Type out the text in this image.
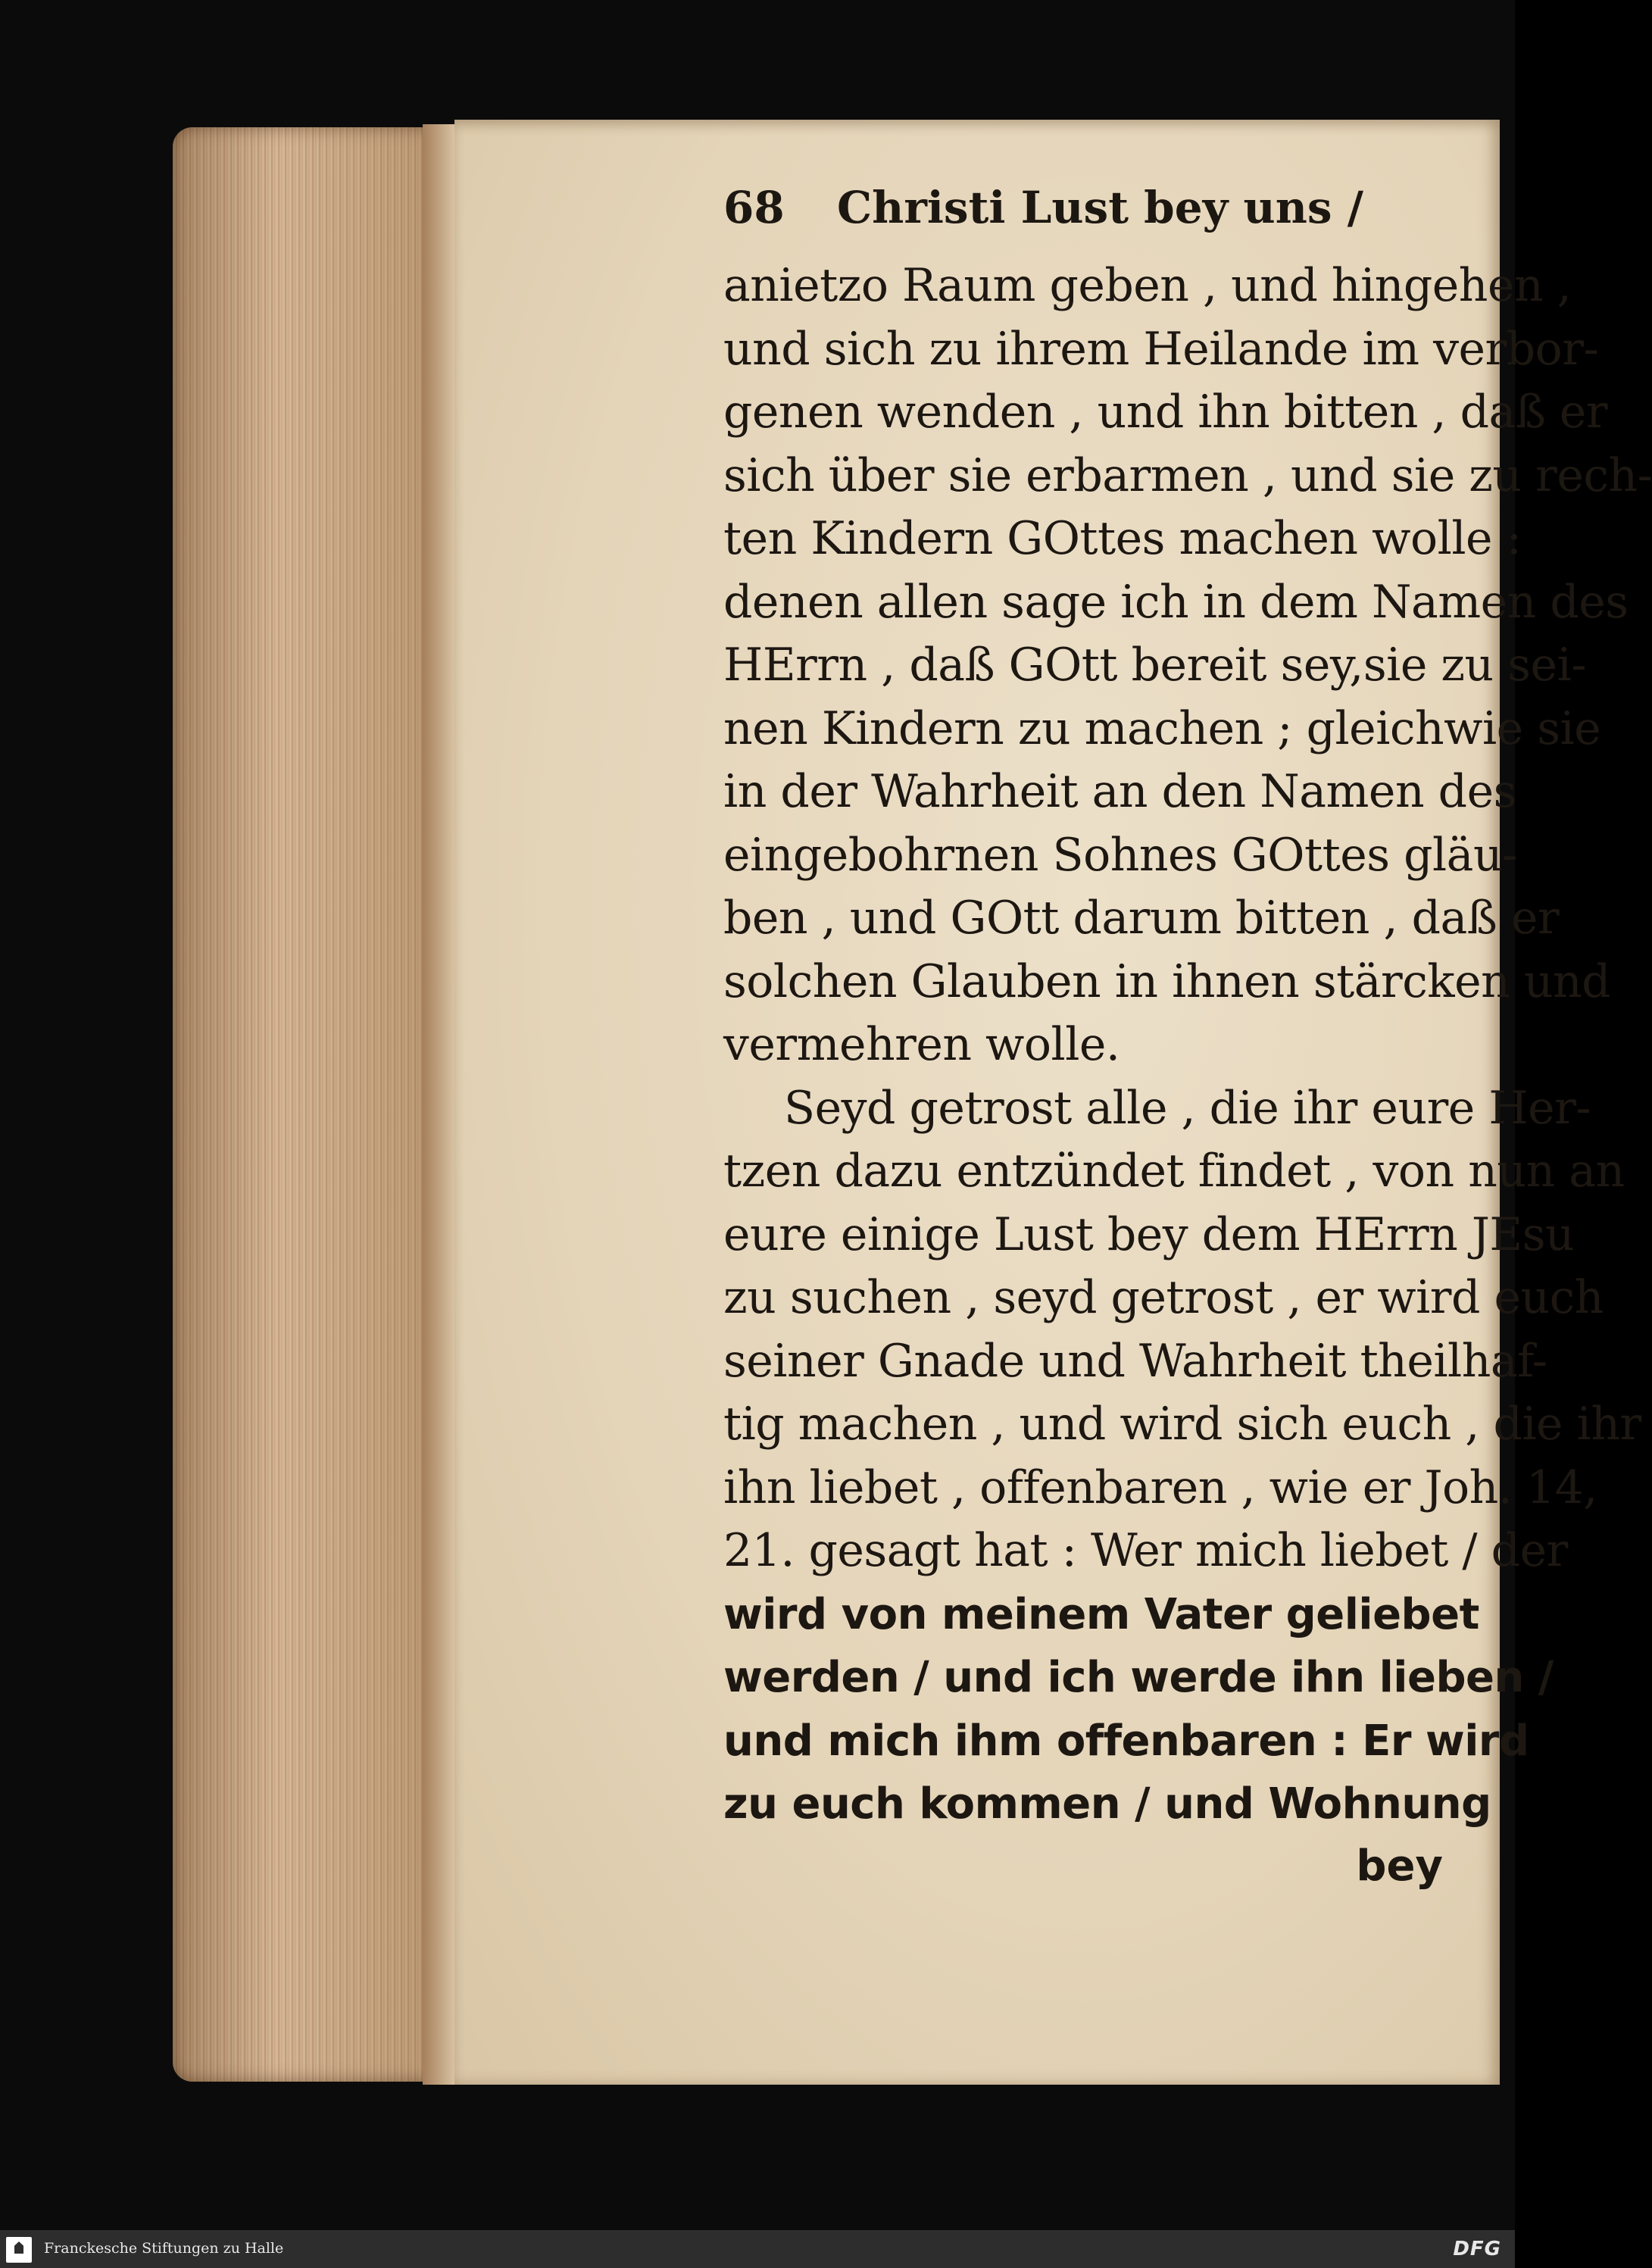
68	Christi Lust bey uns /
anietzo Raum geben , und hingehen ,
und sich zu ihrem Heilande im verbor-
genen wenden , und ihn bitten , daß er
sich über sie erbarmen , und sie zu rech-
ten Kindern GOttes machen wolle :
denen allen sage ich in dem Namen des
HErrn , daß GOtt bereit sey,sie zu sei-
nen Kindern zu machen ; gleichwie sie
in der Wahrheit an den Namen des
eingebohrnen Sohnes GOttes gläu-
ben , und GOtt darum bitten , daß er
solchen Glauben in ihnen stärcken und
vermehren wolle.
Seyd getrost alle , die ihr eure Her-
tzen dazu entzündet findet , von nun an
eure einige Lust bey dem HErrn JEsu
zu suchen , seyd getrost , er wird euch
seiner Gnade und Wahrheit theilhaf-
tig machen , und wird sich euch , die ihr
ihn liebet , offenbaren , wie er Joh. 14,
21. gesagt hat : Wer mich liebet / der
wird von meinem Vater geliebet
werden / und ich werde ihn lieben /
und mich ihm offenbaren : Er wird
zu euch kommen / und Wohnung
bey
Franckesche Stiftungen zu Halle	DFG
